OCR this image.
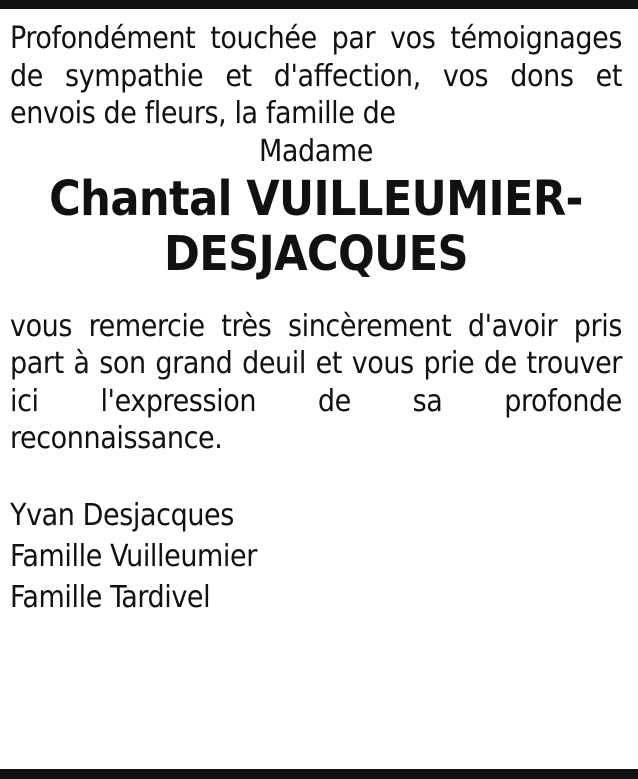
Profondément touchée par vos témoignages de sympathie et d'affection, vos dons et envois de fleurs, la famille de

Madame

Chantal VUILLEUMIER-
DESJACQUES

vous remercie très sincèrement d'avoir pris part à son grand deuil et vous prie de trouver ici l'expression de sa profonde reconnaissance.

Yvan Desjacques
Famille Vuilleumier
Famille Tardivel
